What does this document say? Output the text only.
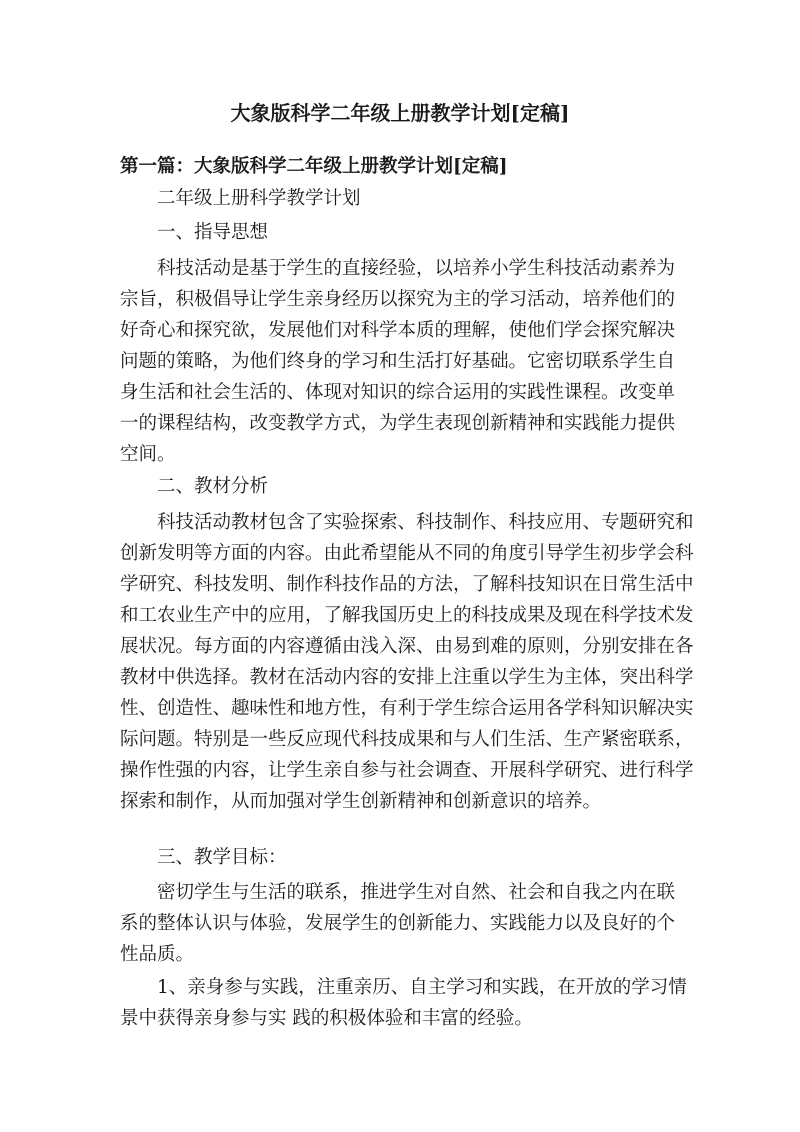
大象版科学二年级上册教学计划[定稿]
第一篇：大象版科学二年级上册教学计划[定稿]
二年级上册科学教学计划
一、指导思想
科技活动是基于学生的直接经验，以培养小学生科技活动素养为
宗旨，积极倡导让学生亲身经历以探究为主的学习活动，培养他们的
好奇心和探究欲，发展他们对科学本质的理解，使他们学会探究解决
问题的策略，为他们终身的学习和生活打好基础。它密切联系学生自
身生活和社会生活的、体现对知识的综合运用的实践性课程。改变单
一的课程结构，改变教学方式，为学生表现创新精神和实践能力提供
空间。
二、教材分析
科技活动教材包含了实验探索、科技制作、科技应用、专题研究和
创新发明等方面的内容。由此希望能从不同的角度引导学生初步学会科
学研究、科技发明、制作科技作品的方法，了解科技知识在日常生活中
和工农业生产中的应用，了解我国历史上的科技成果及现在科学技术发
展状况。每方面的内容遵循由浅入深、由易到难的原则，分别安排在各
教材中供选择。教材在活动内容的安排上注重以学生为主体，突出科学
性、创造性、趣味性和地方性，有利于学生综合运用各学科知识解决实
际问题。特别是一些反应现代科技成果和与人们生活、生产紧密联系，
操作性强的内容，让学生亲自参与社会调查、开展科学研究、进行科学
探索和制作，从而加强对学生创新精神和创新意识的培养。
三、教学目标：
密切学生与生活的联系，推进学生对自然、社会和自我之内在联
系的整体认识与体验，发展学生的创新能力、实践能力以及良好的个
性品质。
1、亲身参与实践，注重亲历、自主学习和实践，在开放的学习情
景中获得亲身参与实 践的积极体验和丰富的经验。
